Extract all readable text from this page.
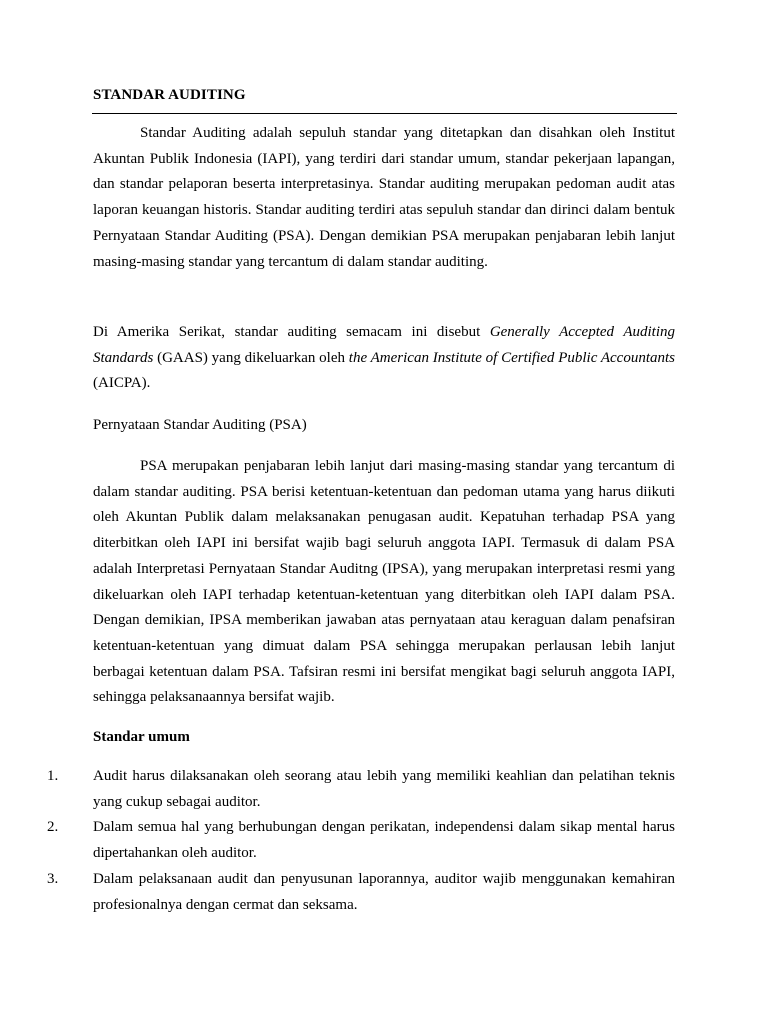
STANDAR AUDITING

Standar Auditing adalah sepuluh standar yang ditetapkan dan disahkan oleh Institut Akuntan Publik Indonesia (IAPI), yang terdiri dari standar umum, standar pekerjaan lapangan, dan standar pelaporan beserta interpretasinya. Standar auditing merupakan pedoman audit atas laporan keuangan historis. Standar auditing terdiri atas sepuluh standar dan dirinci dalam bentuk Pernyataan Standar Auditing (PSA). Dengan demikian PSA merupakan penjabaran lebih lanjut masing-masing standar yang tercantum di dalam standar auditing.

Di Amerika Serikat, standar auditing semacam ini disebut Generally Accepted Auditing Standards (GAAS) yang dikeluarkan oleh the American Institute of Certified Public Accountants (AICPA).

Pernyataan Standar Auditing (PSA)

PSA merupakan penjabaran lebih lanjut dari masing-masing standar yang tercantum di dalam standar auditing. PSA berisi ketentuan-ketentuan dan pedoman utama yang harus diikuti oleh Akuntan Publik dalam melaksanakan penugasan audit. Kepatuhan terhadap PSA yang diterbitkan oleh IAPI ini bersifat wajib bagi seluruh anggota IAPI. Termasuk di dalam PSA adalah Interpretasi Pernyataan Standar Auditng (IPSA), yang merupakan interpretasi resmi yang dikeluarkan oleh IAPI terhadap ketentuan-ketentuan yang diterbitkan oleh IAPI dalam PSA. Dengan demikian, IPSA memberikan jawaban atas pernyataan atau keraguan dalam penafsiran ketentuan-ketentuan yang dimuat dalam PSA sehingga merupakan perlausan lebih lanjut berbagai ketentuan dalam PSA. Tafsiran resmi ini bersifat mengikat bagi seluruh anggota IAPI, sehingga pelaksanaannya bersifat wajib.

Standar umum

1. Audit harus dilaksanakan oleh seorang atau lebih yang memiliki keahlian dan pelatihan teknis yang cukup sebagai auditor.
2. Dalam semua hal yang berhubungan dengan perikatan, independensi dalam sikap mental harus dipertahankan oleh auditor.
3. Dalam pelaksanaan audit dan penyusunan laporannya, auditor wajib menggunakan kemahiran profesionalnya dengan cermat dan seksama.
